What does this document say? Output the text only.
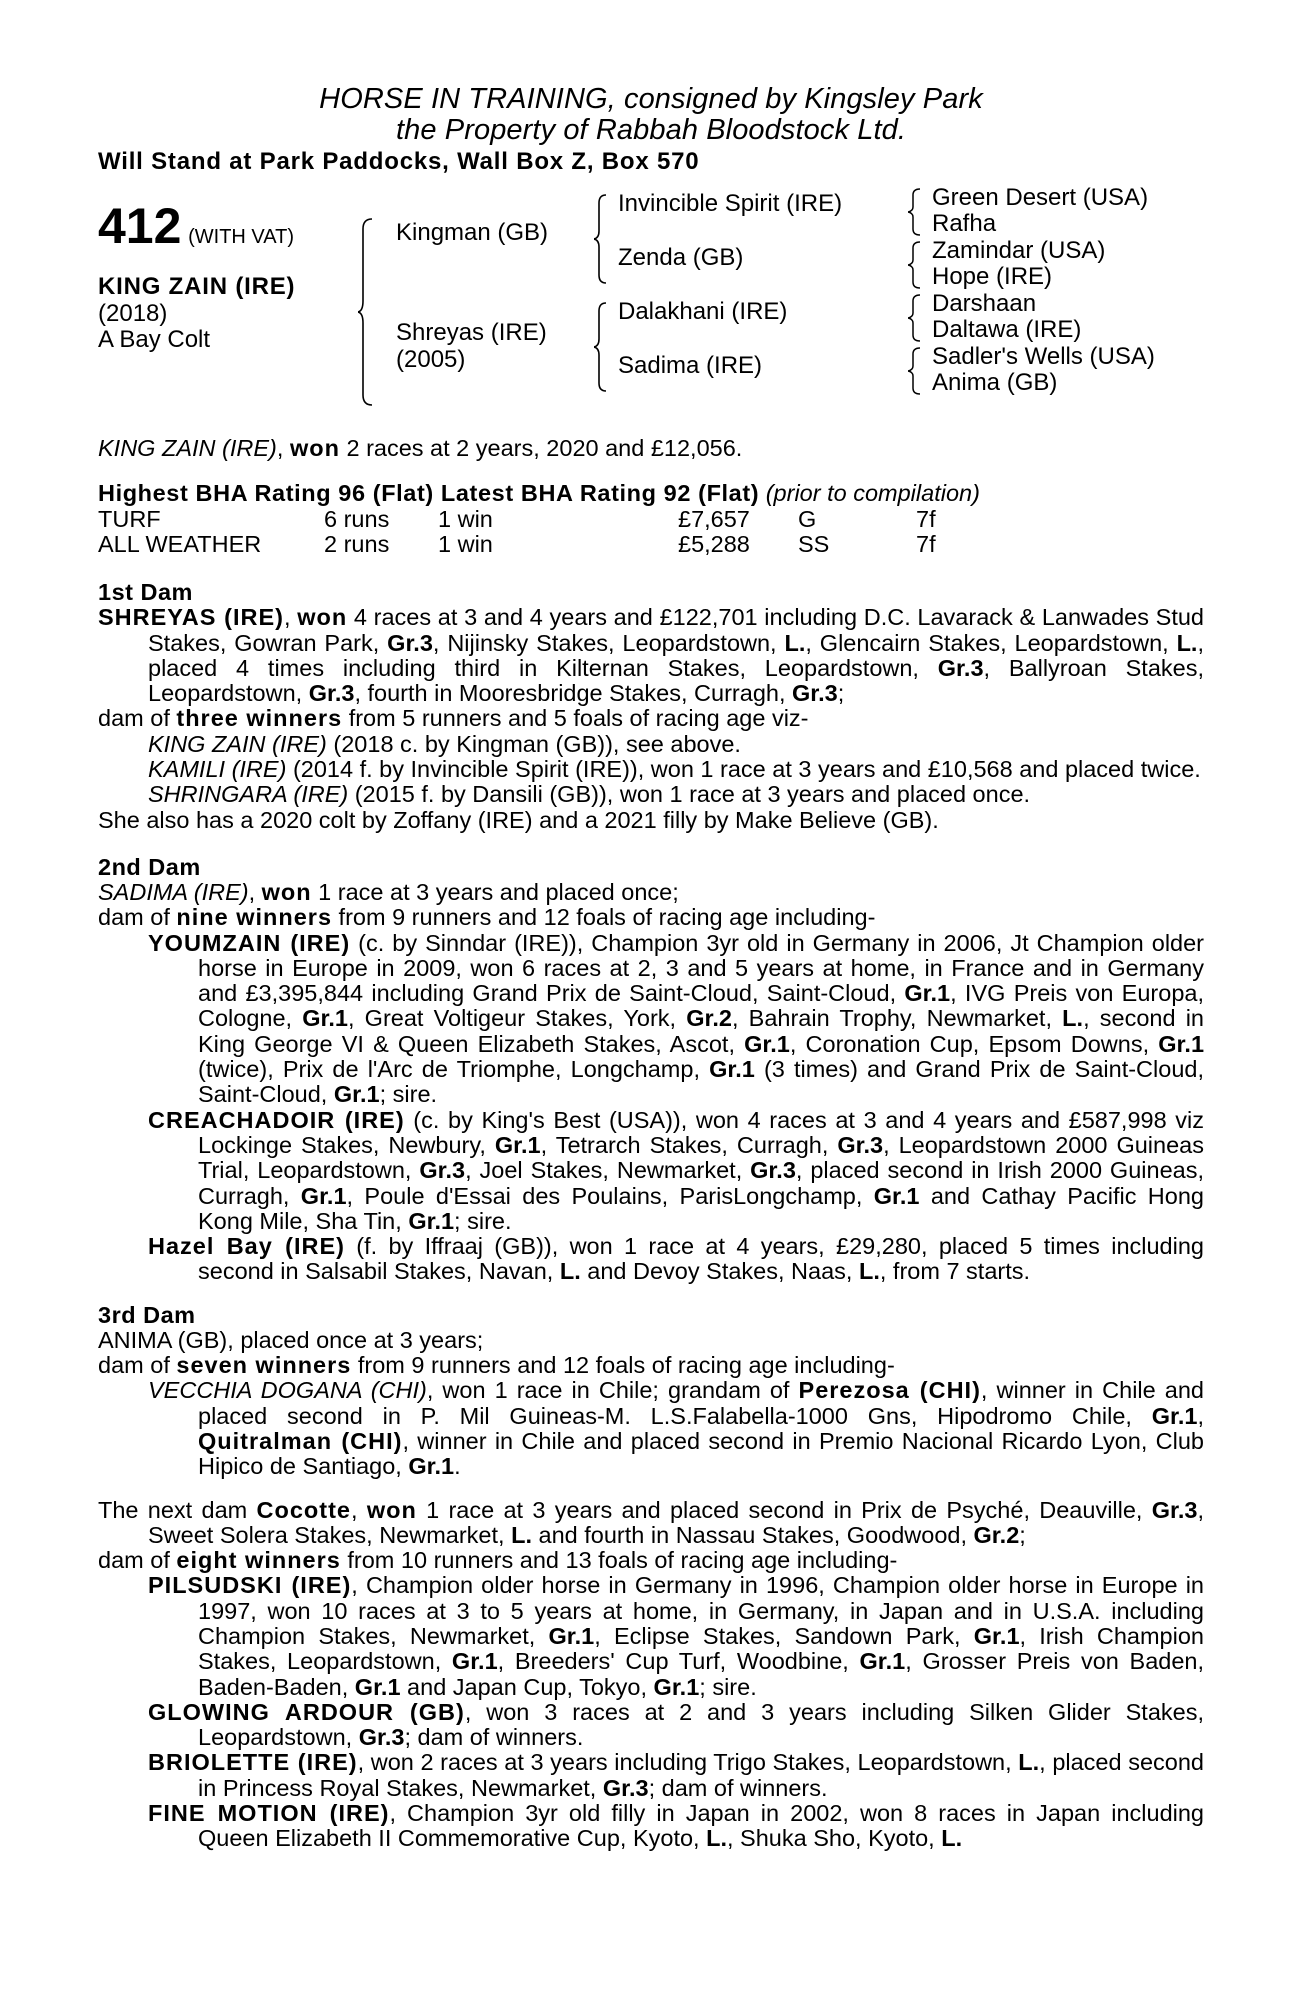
HORSE IN TRAINING, consigned by Kingsley Park
the Property of Rabbah Bloodstock Ltd.
Will Stand at Park Paddocks, Wall Box Z, Box 570
412 (WITH VAT)
KING ZAIN (IRE)
(2018)
A Bay Colt
Kingman (GB)
Shreyas (IRE)
(2005)
Invincible Spirit (IRE)
Zenda (GB)
Dalakhani (IRE)
Sadima (IRE)
Green Desert (USA)
Rafha
Zamindar (USA)
Hope (IRE)
Darshaan
Daltawa (IRE)
Sadler's Wells (USA)
Anima (GB)

KING ZAIN (IRE), won 2 races at 2 years, 2020 and £12,056.

Highest BHA Rating 96 (Flat) Latest BHA Rating 92 (Flat) (prior to compilation)
TURF	6 runs 1 win	£7,657 G	7f
ALL WEATHER	2 runs 1 win	£5,288 SS	7f
1st Dam

SHREYAS (IRE), won 4 races at 3 and 4 years and £122,701 including D.C. Lavarack & Lanwades Stud Stakes, Gowran Park, Gr.3, Nijinsky Stakes, Leopardstown, L., Glencairn Stakes, Leopardstown, L., placed 4 times including third in Kilternan Stakes, Leopardstown, Gr.3, Ballyroan Stakes, Leopardstown, Gr.3, fourth in Mooresbridge Stakes, Curragh, Gr.3;

dam of three winners from 5 runners and 5 foals of racing age viz-

KING ZAIN (IRE) (2018 c. by Kingman (GB)), see above.

KAMILI (IRE) (2014 f. by Invincible Spirit (IRE)), won 1 race at 3 years and £10,568 and placed twice.

SHRINGARA (IRE) (2015 f. by Dansili (GB)), won 1 race at 3 years and placed once.

She also has a 2020 colt by Zoffany (IRE) and a 2021 filly by Make Believe (GB).

2nd Dam

SADIMA (IRE), won 1 race at 3 years and placed once;

dam of nine winners from 9 runners and 12 foals of racing age including-

YOUMZAIN (IRE) (c. by Sinndar (IRE)), Champion 3yr old in Germany in 2006, Jt Champion older horse in Europe in 2009, won 6 races at 2, 3 and 5 years at home, in France and in Germany and £3,395,844 including Grand Prix de Saint-Cloud, Saint-Cloud, Gr.1, IVG Preis von Europa, Cologne, Gr.1, Great Voltigeur Stakes, York, Gr.2, Bahrain Trophy, Newmarket, L., second in King George VI & Queen Elizabeth Stakes, Ascot, Gr.1, Coronation Cup, Epsom Downs, Gr.1 (twice), Prix de l'Arc de Triomphe, Longchamp, Gr.1 (3 times) and Grand Prix de Saint-Cloud, Saint-Cloud, Gr.1; sire.

CREACHADOIR (IRE) (c. by King's Best (USA)), won 4 races at 3 and 4 years and £587,998 viz Lockinge Stakes, Newbury, Gr.1, Tetrarch Stakes, Curragh, Gr.3, Leopardstown 2000 Guineas Trial, Leopardstown, Gr.3, Joel Stakes, Newmarket, Gr.3, placed second in Irish 2000 Guineas, Curragh, Gr.1, Poule d'Essai des Poulains, ParisLongchamp, Gr.1 and Cathay Pacific Hong Kong Mile, Sha Tin, Gr.1; sire.

Hazel Bay (IRE) (f. by Iffraaj (GB)), won 1 race at 4 years, £29,280, placed 5 times including second in Salsabil Stakes, Navan, L. and Devoy Stakes, Naas, L., from 7 starts.

3rd Dam

ANIMA (GB), placed once at 3 years;

dam of seven winners from 9 runners and 12 foals of racing age including-

VECCHIA DOGANA (CHI), won 1 race in Chile; grandam of Perezosa (CHI), winner in Chile and placed second in P. Mil Guineas-M. L.S.Falabella-1000 Gns, Hipodromo Chile, Gr.1, Quitralman (CHI), winner in Chile and placed second in Premio Nacional Ricardo Lyon, Club Hipico de Santiago, Gr.1.

The next dam Cocotte, won 1 race at 3 years and placed second in Prix de Psyché, Deauville, Gr.3, Sweet Solera Stakes, Newmarket, L. and fourth in Nassau Stakes, Goodwood, Gr.2;

dam of eight winners from 10 runners and 13 foals of racing age including-

PILSUDSKI (IRE), Champion older horse in Germany in 1996, Champion older horse in Europe in 1997, won 10 races at 3 to 5 years at home, in Germany, in Japan and in U.S.A. including Champion Stakes, Newmarket, Gr.1, Eclipse Stakes, Sandown Park, Gr.1, Irish Champion Stakes, Leopardstown, Gr.1, Breeders' Cup Turf, Woodbine, Gr.1, Grosser Preis von Baden, Baden-Baden, Gr.1 and Japan Cup, Tokyo, Gr.1; sire.

GLOWING ARDOUR (GB), won 3 races at 2 and 3 years including Silken Glider Stakes, Leopardstown, Gr.3; dam of winners.

BRIOLETTE (IRE), won 2 races at 3 years including Trigo Stakes, Leopardstown, L., placed second in Princess Royal Stakes, Newmarket, Gr.3; dam of winners.

FINE MOTION (IRE), Champion 3yr old filly in Japan in 2002, won 8 races in Japan including Queen Elizabeth II Commemorative Cup, Kyoto, L., Shuka Sho, Kyoto, L.
